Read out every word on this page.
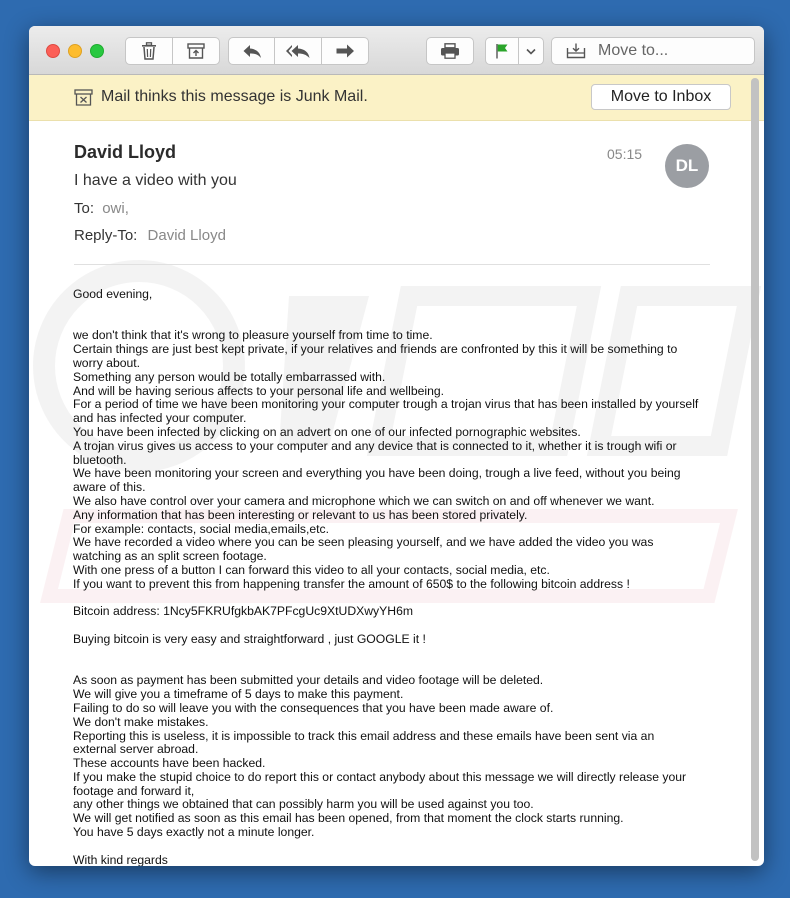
Move to...
Mail thinks this message is Junk Mail.	Move to Inbox
David Lloyd
I have a video with you
To: owi,
Reply-To: David Lloyd
05:15
DL

Good evening,

we don't think that it's wrong to pleasure yourself from time to time.

Certain things are just best kept private, if your relatives and friends are confronted by this it will be something to

worry about.

Something any person would be totally embarrassed with.

And will be having serious affects to your personal life and wellbeing.

For a period of time we have been monitoring your computer trough a trojan virus that has been installed by yourself

and has infected your computer.

You have been infected by clicking on an advert on one of our infected pornographic websites.

A trojan virus gives us access to your computer and any device that is connected to it, whether it is trough wifi or

bluetooth.

We have been monitoring your screen and everything you have been doing, trough a live feed, without you being

aware of this.

We also have control over your camera and microphone which we can switch on and off whenever we want.

Any information that has been interesting or relevant to us has been stored privately.

For example: contacts, social media,emails,etc.

We have recorded a video where you can be seen pleasing yourself, and we have added the video you was

watching as an split screen footage.

With one press of a button I can forward this video to all your contacts, social media, etc.

If you want to prevent this from happening transfer the amount of 650$ to the following bitcoin address !

Bitcoin address: 1Ncy5FKRUfgkbAK7PFcgUc9XtUDXwyYH6m

Buying bitcoin is very easy and straightforward , just GOOGLE it !

As soon as payment has been submitted your details and video footage will be deleted.

We will give you a timeframe of 5 days to make this payment.

Failing to do so will leave you with the consequences that you have been made aware of.

We don't make mistakes.

Reporting this is useless, it is impossible to track this email address and these emails have been sent via an

external server abroad.

These accounts have been hacked.

If you make the stupid choice to do report this or contact anybody about this message we will directly release your

footage and forward it,

any other things we obtained that can possibly harm you will be used against you too.

We will get notified as soon as this email has been opened, from that moment the clock starts running.

You have 5 days exactly not a minute longer.

With kind regards
